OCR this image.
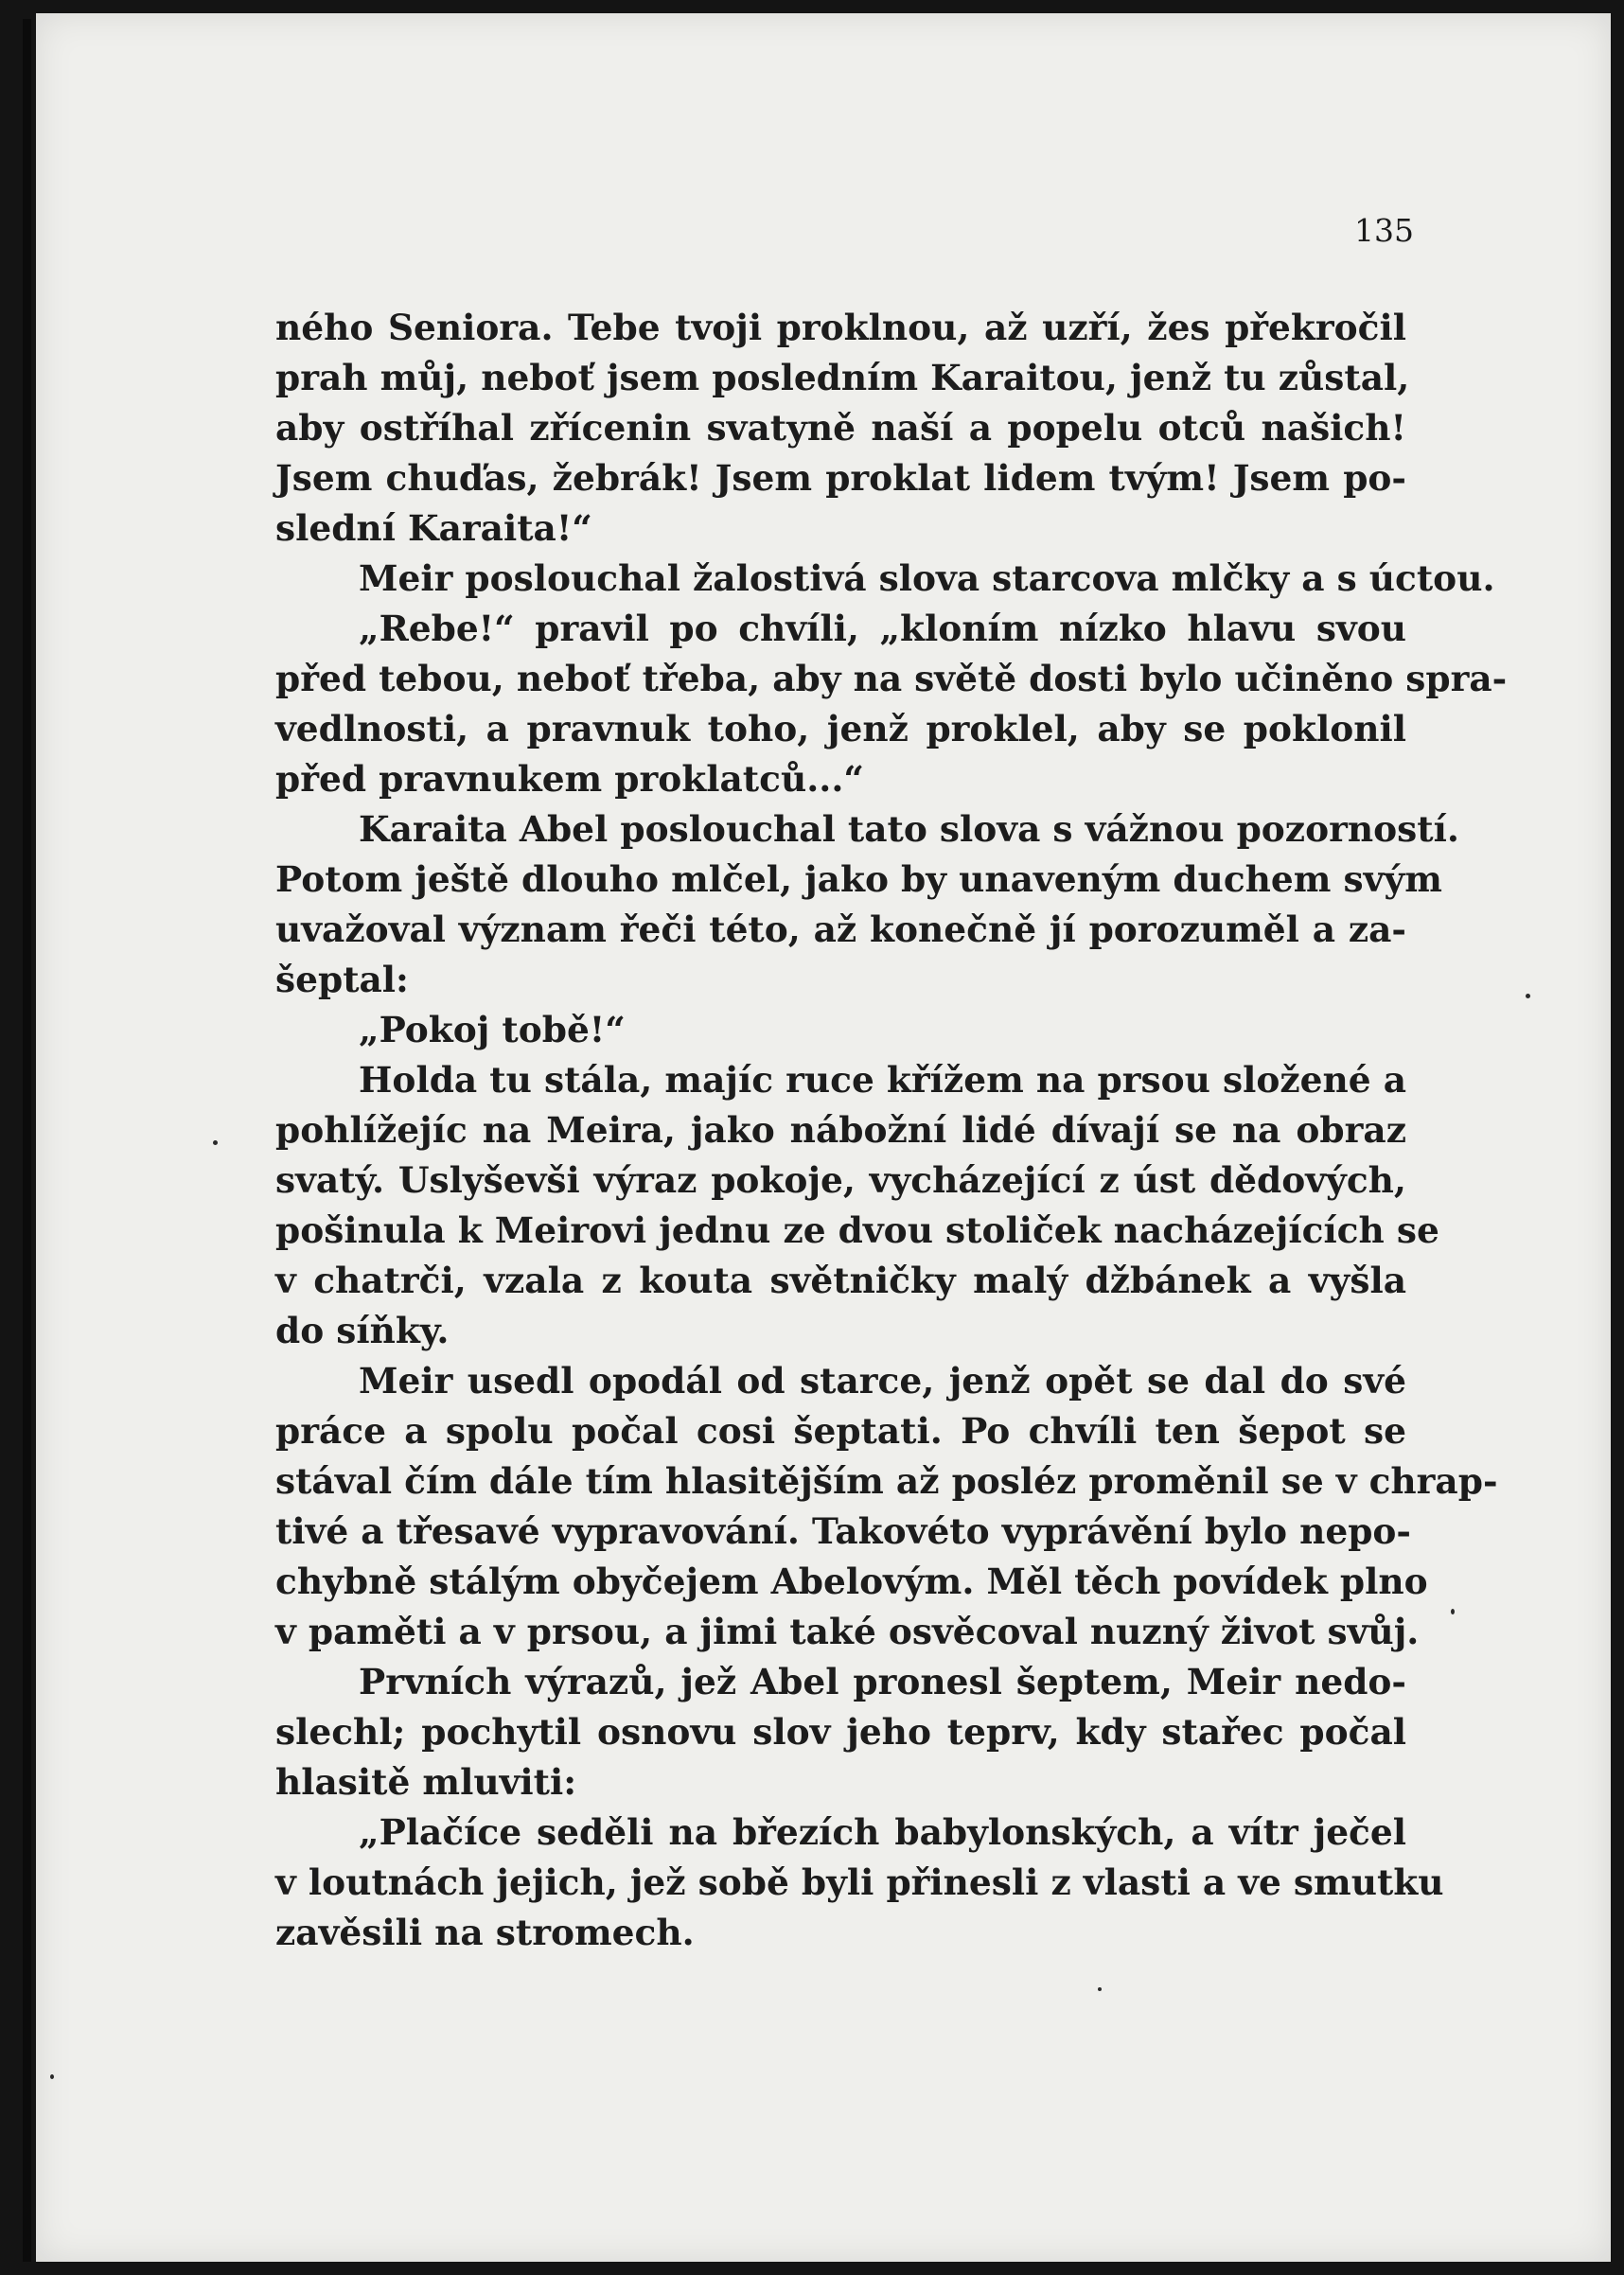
135
ného Seniora. Tebe tvoji proklnou, až uzří, žes překročil
prah můj, neboť jsem posledním Karaitou, jenž tu zůstal,
aby ostříhal zřícenin svatyně naší a popelu otců našich!
Jsem chuďas, žebrák! Jsem proklat lidem tvým! Jsem po-
slední Karaita!“
Meir poslouchal žalostivá slova starcova mlčky a s úctou.
„Rebe!“ pravil po chvíli, „klоním nízko hlavu svou
před tebou, neboť třeba, aby na světě dosti bylo učiněno spra-
vedlnosti, a pravnuk toho, jenž proklel, aby se poklonil
před pravnukem proklatců...“
Karaita Abel poslouchal tato slova s vážnou pozorností.
Potom ještě dlouho mlčel, jako by unaveným duchem svým
uvažoval význam řeči této, až konečně jí porozuměl a za-
šeptal:
„Pokoj tobě!“
Holda tu stála, majíc ruce křížem na prsou složené a
pohlížejíc na Meira, jako nábožní lidé dívají se na obraz
svatý. Uslyševši výraz pokoje, vycházející z úst dědových,
pošinula k Meirovi jednu ze dvou stoliček nacházejících se
v chatrči, vzala z kouta světničky malý džbánek a vyšla
do síňky.
Meir usedl opodál od starce, jenž opět se dal do své
práce a spolu počal cosi šeptati. Po chvíli ten šepot se
stával čím dále tím hlasitějším až posléz proměnil se v chrap-
tivé a třesavé vypravování. Takovéto vyprávění bylo nepo-
chybně stálým obyčejem Abelovým. Měl těch povídek plno
v paměti a v prsou, a jimi také osvěcoval nuzný život svůj.
Prvních výrazů, jež Abel pronesl šeptem, Meir nedo-
slechl; pochytil osnovu slov jeho teprv, kdy stařec počal
hlasitě mluviti:
„Plačíce seděli na březích babylonských, a vítr ječel
v loutnách jejich, jež sobě byli přinesli z vlasti a ve smutku
zavěsili na stromech.
